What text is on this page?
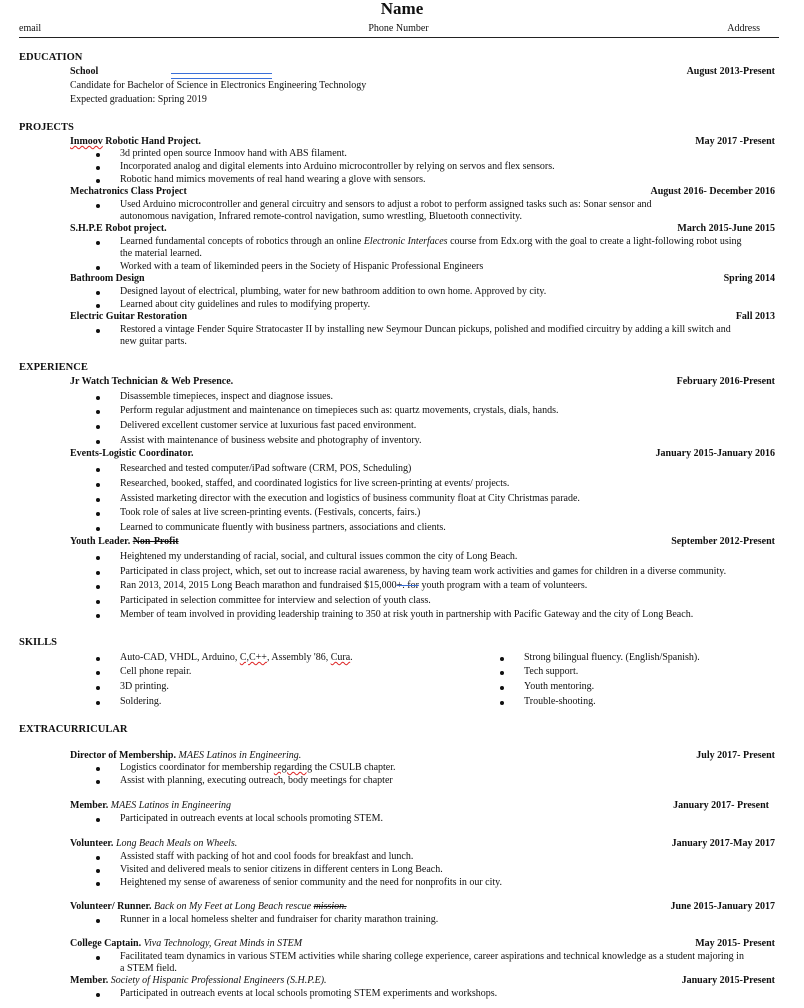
Name
email	Phone Number	Address
EDUCATION
School	August 2013-Present
Candidate for Bachelor of Science in Electronics Engineering Technology
Expected graduation: Spring 2019
PROJECTS
Inmoov Robotic Hand Project.	May 2017 -Present
3d printed open source Inmoov hand with ABS filament.
Incorporated analog and digital elements into Arduino microcontroller by relying on servos and flex sensors.
Robotic hand mimics movements of real hand wearing a glove with sensors.
Mechatronics Class Project	August 2016- December 2016
Used Arduino microcontroller and general circuitry and sensors to adjust a robot to perform assigned tasks such as: Sonar sensor and
autonomous navigation, Infrared remote-control navigation, sumo wrestling, Bluetooth connectivity.
S.H.P.E Robot project.	March 2015-June 2015
Learned fundamental concepts of robotics through an online Electronic Interfaces course from Edx.org with the goal to create a light-following robot using
the material learned.
Worked with a team of likeminded peers in the Society of Hispanic Professional Engineers
Bathroom Design	Spring 2014
Designed layout of electrical, plumbing, water for new bathroom addition to own home. Approved by city.
Learned about city guidelines and rules to modifying property.
Electric Guitar Restoration	Fall 2013
Restored a vintage Fender Squire Stratocaster II by installing new Seymour Duncan pickups, polished and modified circuitry by adding a kill switch and
new guitar parts.
EXPERIENCE
Jr Watch Technician & Web Presence.	February 2016-Present
Disassemble timepieces, inspect and diagnose issues.
Perform regular adjustment and maintenance on timepieces such as: quartz movements, crystals, dials, hands.
Delivered excellent customer service at luxurious fast paced environment.
Assist with maintenance of business website and photography of inventory.
Events-Logistic Coordinator.	January 2015-January 2016
Researched and tested computer/iPad software (CRM, POS, Scheduling)
Researched, booked, staffed, and coordinated logistics for live screen-printing at events/ projects.
Assisted marketing director with the execution and logistics of business community float at City Christmas parade.
Took role of sales at live screen-printing events. (Festivals, concerts, fairs.)
Learned to communicate fluently with business partners, associations and clients.
Youth Leader. Non-Profit	September 2012-Present
Heightened my understanding of racial, social, and cultural issues common the city of Long Beach.
Participated in class project, which, set out to increase racial awareness, by having team work activities and games for children in a diverse community.
Ran 2013, 2014, 2015 Long Beach marathon and fundraised $15,000+. for youth program with a team of volunteers.
Participated in selection committee for interview and selection of youth class.
Member of team involved in providing leadership training to 350 at risk youth in partnership with Pacific Gateway and the city of Long Beach.
SKILLS
Auto-CAD, VHDL, Arduino, C,C++, Assembly '86, Cura.
Cell phone repair.
3D printing.
Soldering.
Strong bilingual fluency. (English/Spanish).
Tech support.
Youth mentoring.
Trouble-shooting.
EXTRACURRICULAR
Director of Membership. MAES Latinos in Engineering.	July 2017- Present
Logistics coordinator for membership regarding the CSULB chapter.
Assist with planning, executing outreach, body meetings for chapter
Member. MAES Latinos in Engineering	January 2017- Present
Participated in outreach events at local schools promoting STEM.
Volunteer. Long Beach Meals on Wheels.	January 2017-May 2017
Assisted staff with packing of hot and cool foods for breakfast and lunch.
Visited and delivered meals to senior citizens in different centers in Long Beach.
Heightened my sense of awareness of senior community and the need for nonprofits in our city.
Volunteer/ Runner. Back on My Feet at Long Beach rescue mission.	June 2015-January 2017
Runner in a local homeless shelter and fundraiser for charity marathon training.
College Captain. Viva Technology, Great Minds in STEM	May 2015- Present
Facilitated team dynamics in various STEM activities while sharing college experience, career aspirations and technical knowledge as a student majoring in
a STEM field.
Member. Society of Hispanic Professional Engineers (S.H.P.E).	January 2015-Present
Participated in outreach events at local schools promoting STEM experiments and workshops.
